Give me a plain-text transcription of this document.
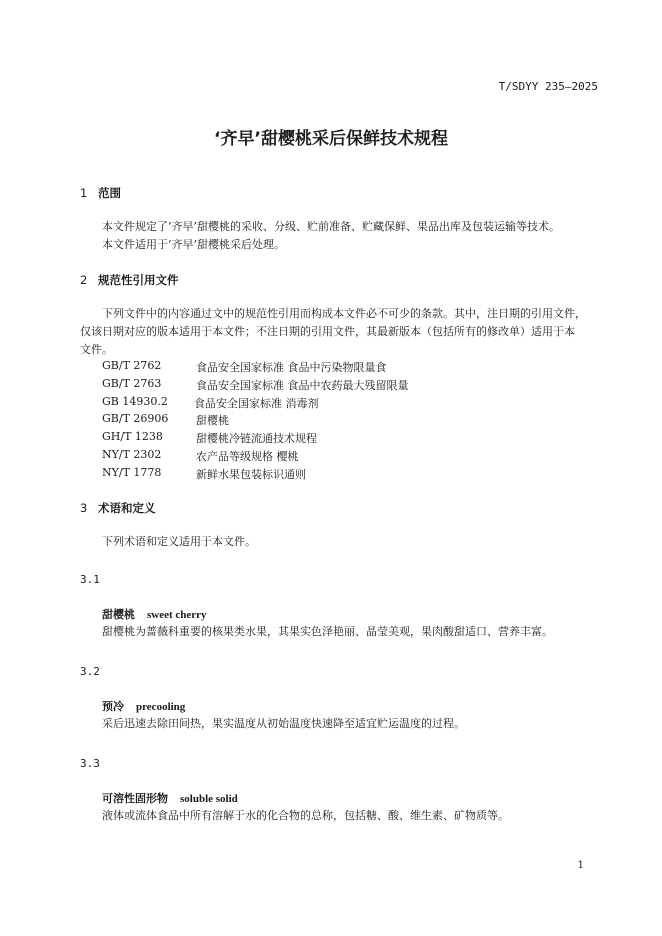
T/SDYY 235—2025
‘齐早’甜樱桃采后保鲜技术规程
1 范围
本文件规定了‘齐早’甜樱桃的采收、分级、贮前准备、贮藏保鲜、果品出库及包装运输等技术。
本文件适用于‘齐早’甜樱桃采后处理。
2 规范性引用文件
下列文件中的内容通过文中的规范性引用而构成本文件必不可少的条款。其中，注日期的引用文件，
仅该日期对应的版本适用于本文件；不注日期的引用文件，其最新版本（包括所有的修改单）适用于本
文件。
GB/T 2762	食品安全国家标准 食品中污染物限量食
GB/T 2763	食品安全国家标准 食品中农药最大残留限量
GB 14930.2 食品安全国家标准 消毒剂
GB/T 26906	甜樱桃
GH/T 1238	甜樱桃冷链流通技术规程
NY/T 2302	农产品等级规格 樱桃
NY/T 1778	新鲜水果包装标识通则
3 术语和定义
下列术语和定义适用于本文件。
3.1
甜樱桃 sweet cherry
甜樱桃为蔷薇科重要的核果类水果，其果实色泽艳丽、晶莹美观，果肉酸甜适口、营养丰富。
3.2
预冷 precooling
采后迅速去除田间热，果实温度从初始温度快速降至适宜贮运温度的过程。
3.3
可溶性固形物 soluble solid
液体或流体食品中所有溶解于水的化合物的总称，包括糖、酸、维生素、矿物质等。
1
